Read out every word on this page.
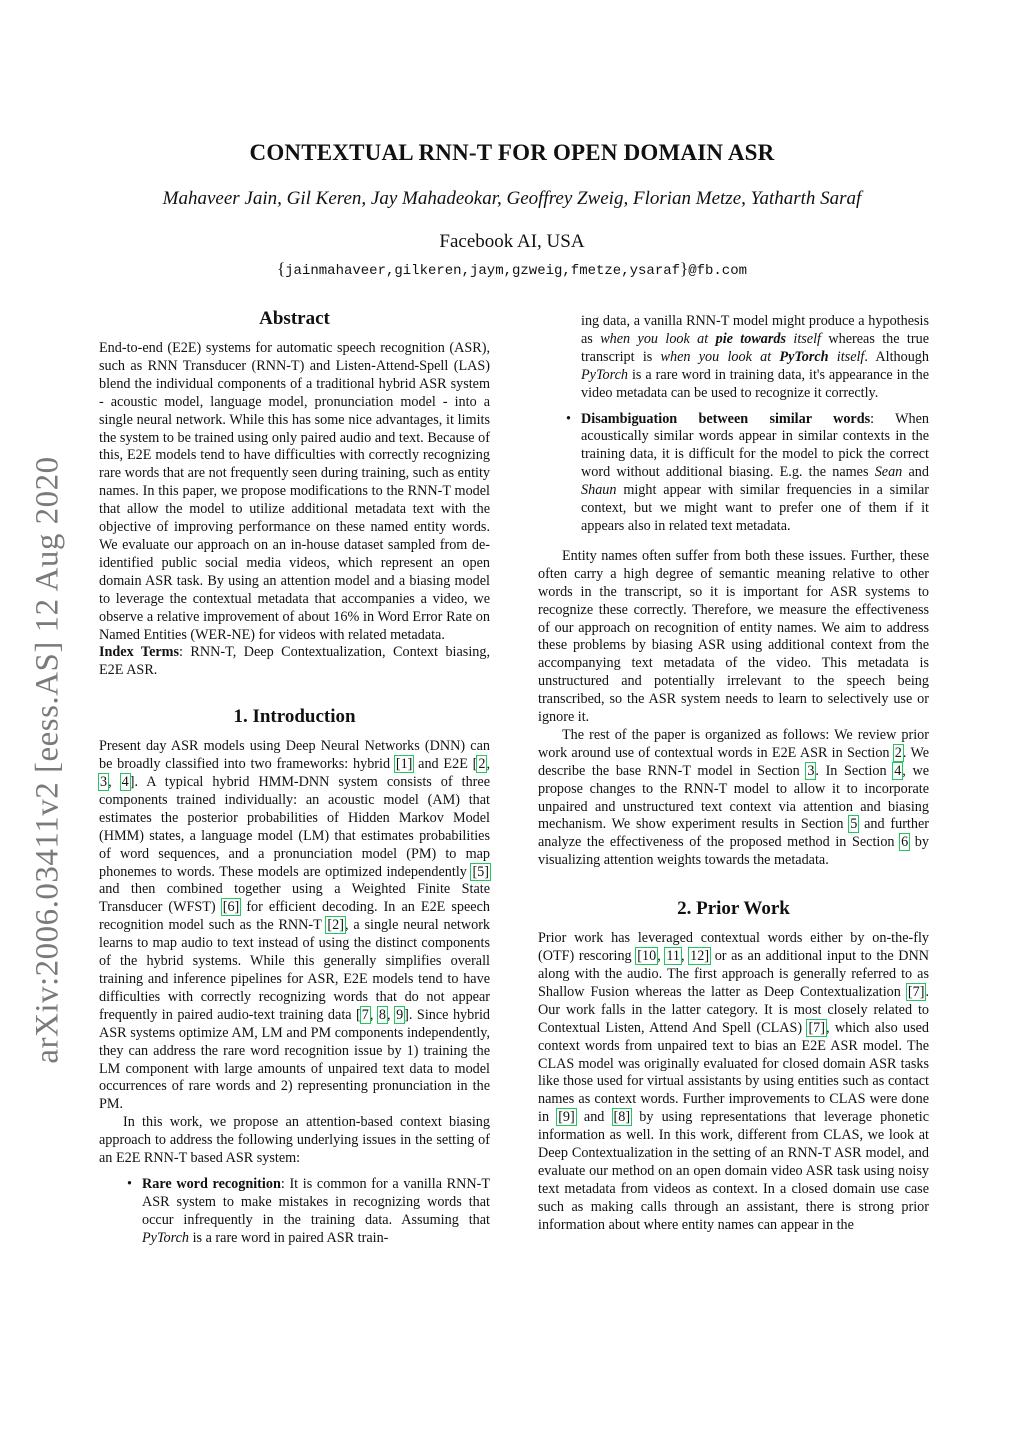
arXiv:2006.03411v2 [eess.AS] 12 Aug 2020
CONTEXTUAL RNN-T FOR OPEN DOMAIN ASR
Mahaveer Jain, Gil Keren, Jay Mahadeokar, Geoffrey Zweig, Florian Metze, Yatharth Saraf
Facebook AI, USA
{jainmahaveer,gilkeren,jaym,gzweig,fmetze,ysaraf}@fb.com
Abstract

End-to-end (E2E) systems for automatic speech recognition (ASR), such as RNN Transducer (RNN-T) and Listen-Attend-Spell (LAS) blend the individual components of a traditional hybrid ASR system - acoustic model, language model, pronunciation model - into a single neural network. While this has some nice advantages, it limits the system to be trained using only paired audio and text. Because of this, E2E models tend to have difficulties with correctly recognizing rare words that are not frequently seen during training, such as entity names. In this paper, we propose modifications to the RNN-T model that allow the model to utilize additional metadata text with the objective of improving performance on these named entity words. We evaluate our approach on an in-house dataset sampled from de-identified public social media videos, which represent an open domain ASR task. By using an attention model and a biasing model to leverage the contextual metadata that accompanies a video, we observe a relative improvement of about 16% in Word Error Rate on Named Entities (WER-NE) for videos with related metadata.

Index Terms: RNN-T, Deep Contextualization, Context biasing, E2E ASR.

1. Introduction

Present day ASR models using Deep Neural Networks (DNN) can be broadly classified into two frameworks: hybrid [1] and E2E [2, 3, 4]. A typical hybrid HMM-DNN system consists of three components trained individually: an acoustic model (AM) that estimates the posterior probabilities of Hidden Markov Model (HMM) states, a language model (LM) that estimates probabilities of word sequences, and a pronunciation model (PM) to map phonemes to words. These models are optimized independently [5] and then combined together using a Weighted Finite State Transducer (WFST) [6] for efficient decoding. In an E2E speech recognition model such as the RNN-T [2], a single neural network learns to map audio to text instead of using the distinct components of the hybrid systems. While this generally simplifies overall training and inference pipelines for ASR, E2E models tend to have difficulties with correctly recognizing words that do not appear frequently in paired audio-text training data [7, 8, 9]. Since hybrid ASR systems optimize AM, LM and PM components independently, they can address the rare word recognition issue by 1) training the LM component with large amounts of unpaired text data to model occurrences of rare words and 2) representing pronunciation in the PM.

In this work, we propose an attention-based context biasing approach to address the following underlying issues in the setting of an E2E RNN-T based ASR system:

• Rare word recognition: It is common for a vanilla RNN-T ASR system to make mistakes in recognizing words that occur infrequently in the training data. Assuming that PyTorch is a rare word in paired ASR train-
ing data, a vanilla RNN-T model might produce a hypothesis as when you look at pie towards itself whereas the true transcript is when you look at PyTorch itself. Although PyTorch is a rare word in training data, it's appearance in the video metadata can be used to recognize it correctly.
• Disambiguation between similar words: When acoustically similar words appear in similar contexts in the training data, it is difficult for the model to pick the correct word without additional biasing. E.g. the names Sean and Shaun might appear with similar frequencies in a similar context, but we might want to prefer one of them if it appears also in related text metadata.

Entity names often suffer from both these issues. Further, these often carry a high degree of semantic meaning relative to other words in the transcript, so it is important for ASR systems to recognize these correctly. Therefore, we measure the effectiveness of our approach on recognition of entity names. We aim to address these problems by biasing ASR using additional context from the accompanying text metadata of the video. This metadata is unstructured and potentially irrelevant to the speech being transcribed, so the ASR system needs to learn to selectively use or ignore it.

The rest of the paper is organized as follows: We review prior work around use of contextual words in E2E ASR in Section 2. We describe the base RNN-T model in Section 3. In Section 4, we propose changes to the RNN-T model to allow it to incorporate unpaired and unstructured text context via attention and biasing mechanism. We show experiment results in Section 5 and further analyze the effectiveness of the proposed method in Section 6 by visualizing attention weights towards the metadata.

2. Prior Work

Prior work has leveraged contextual words either by on-the-fly (OTF) rescoring [10, 11, 12] or as an additional input to the DNN along with the audio. The first approach is generally referred to as Shallow Fusion whereas the latter as Deep Contextualization [7]. Our work falls in the latter category. It is most closely related to Contextual Listen, Attend And Spell (CLAS) [7], which also used context words from unpaired text to bias an E2E ASR model. The CLAS model was originally evaluated for closed domain ASR tasks like those used for virtual assistants by using entities such as contact names as context words. Further improvements to CLAS were done in [9] and [8] by using representations that leverage phonetic information as well. In this work, different from CLAS, we look at Deep Contextualization in the setting of an RNN-T ASR model, and evaluate our method on an open domain video ASR task using noisy text metadata from videos as context. In a closed domain use case such as making calls through an assistant, there is strong prior information about where entity names can appear in the
